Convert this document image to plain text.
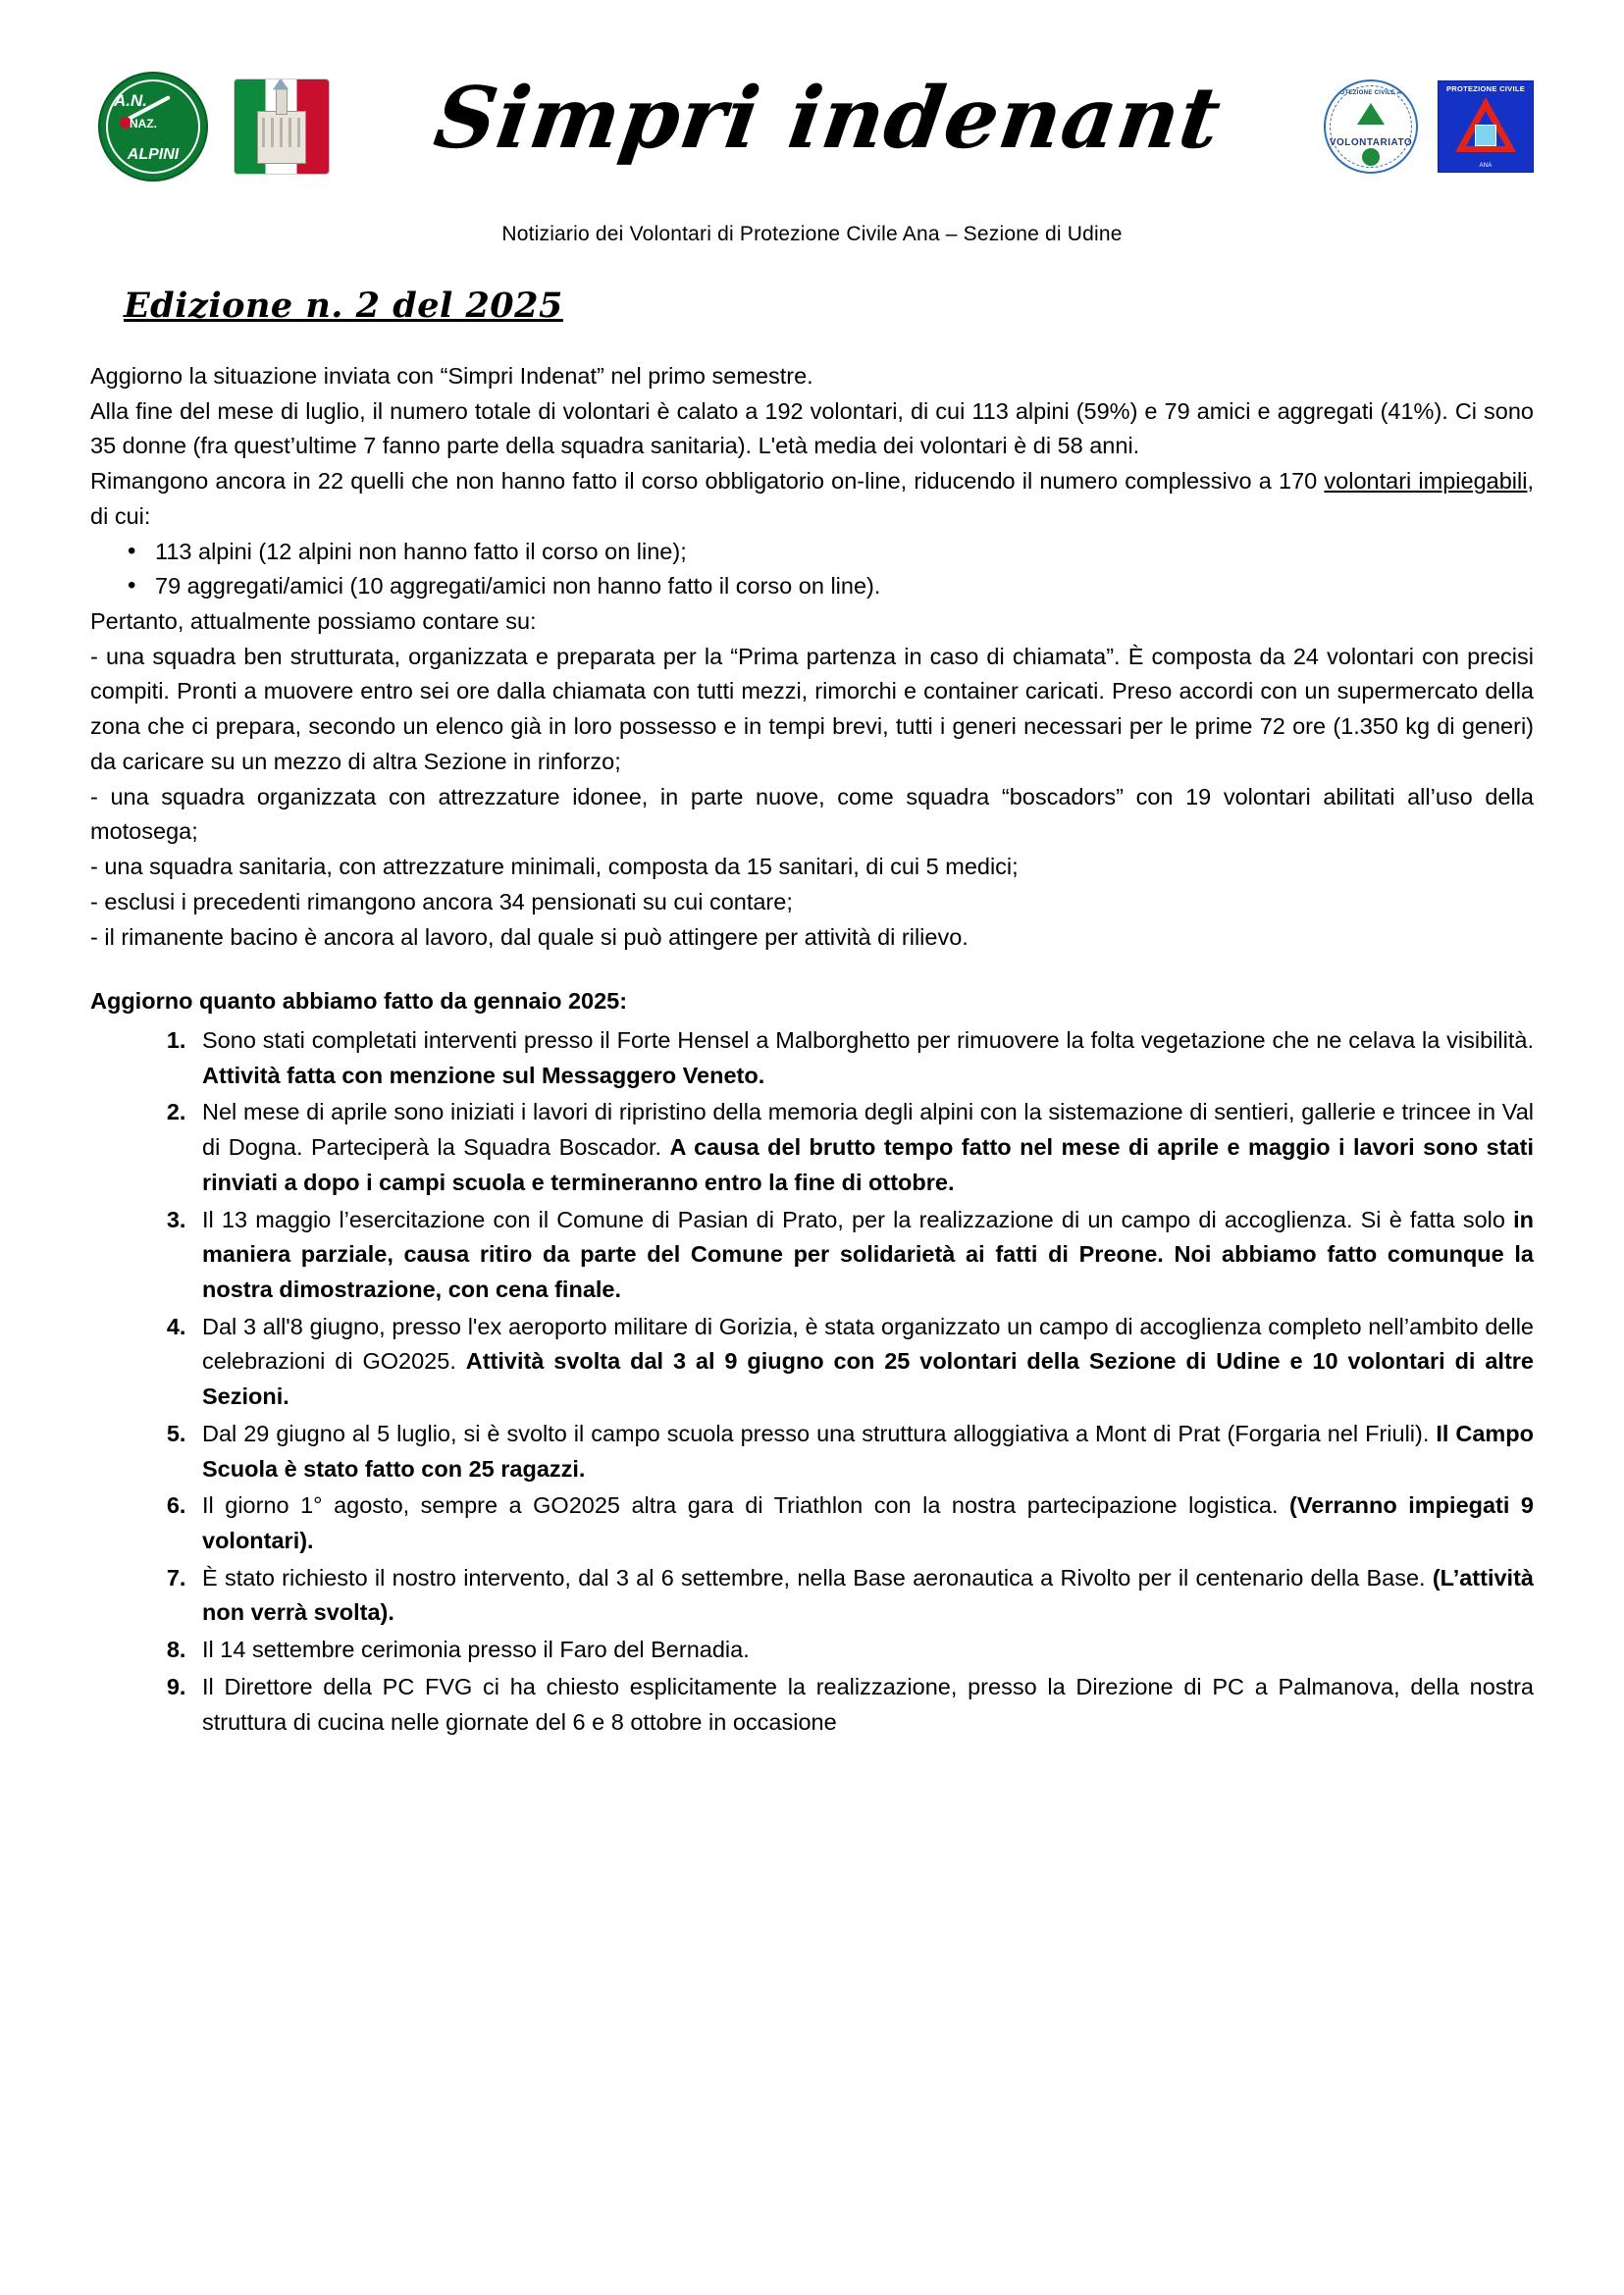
A.N.
NAZ.
ALPINI	Simpri indenant	PROTEZIONE CIVILE ANA
VOLONTARIATO
PROTEZIONE CIVILE
ANA
Notiziario dei Volontari di Protezione Civile Ana – Sezione di Udine
Edizione n. 2 del 2025

Aggiorno la situazione inviata con “Simpri Indenat” nel primo semestre.

Alla fine del mese di luglio, il numero totale di volontari è calato a 192 volontari, di cui 113 alpini (59%) e 79 amici e aggregati (41%). Ci sono 35 donne (fra quest’ultime 7 fanno parte della squadra sanitaria). L'età media dei volontari è di 58 anni.

Rimangono ancora in 22 quelli che non hanno fatto il corso obbligatorio on-line, riducendo il numero complessivo a 170 volontari impiegabili, di cui:

• 113 alpini (12 alpini non hanno fatto il corso on line);
• 79 aggregati/amici (10 aggregati/amici non hanno fatto il corso on line).

Pertanto, attualmente possiamo contare su:

- una squadra ben strutturata, organizzata e preparata per la “Prima partenza in caso di chiamata”. È composta da 24 volontari con precisi compiti. Pronti a muovere entro sei ore dalla chiamata con tutti mezzi, rimorchi e container caricati. Preso accordi con un supermercato della zona che ci prepara, secondo un elenco già in loro possesso e in tempi brevi, tutti i generi necessari per le prime 72 ore (1.350 kg di generi) da caricare su un mezzo di altra Sezione in rinforzo;

- una squadra organizzata con attrezzature idonee, in parte nuove, come squadra “boscadors” con 19 volontari abilitati all’uso della motosega;

- una squadra sanitaria, con attrezzature minimali, composta da 15 sanitari, di cui 5 medici;

- esclusi i precedenti rimangono ancora 34 pensionati su cui contare;

- il rimanente bacino è ancora al lavoro, dal quale si può attingere per attività di rilievo.

Aggiorno quanto abbiamo fatto da gennaio 2025:
1. Sono stati completati interventi presso il Forte Hensel a Malborghetto per rimuovere la folta vegetazione che ne celava la visibilità. Attività fatta con menzione sul Messaggero Veneto.
2. Nel mese di aprile sono iniziati i lavori di ripristino della memoria degli alpini con la sistemazione di sentieri, gallerie e trincee in Val di Dogna. Parteciperà la Squadra Boscador. A causa del brutto tempo fatto nel mese di aprile e maggio i lavori sono stati rinviati a dopo i campi scuola e termineranno entro la fine di ottobre.
3. Il 13 maggio l’esercitazione con il Comune di Pasian di Prato, per la realizzazione di un campo di accoglienza. Si è fatta solo in maniera parziale, causa ritiro da parte del Comune per solidarietà ai fatti di Preone. Noi abbiamo fatto comunque la nostra dimostrazione, con cena finale.
4. Dal 3 all'8 giugno, presso l'ex aeroporto militare di Gorizia, è stata organizzato un campo di accoglienza completo nell’ambito delle celebrazioni di GO2025. Attività svolta dal 3 al 9 giugno con 25 volontari della Sezione di Udine e 10 volontari di altre Sezioni.
5. Dal 29 giugno al 5 luglio, si è svolto il campo scuola presso una struttura alloggiativa a Mont di Prat (Forgaria nel Friuli). Il Campo Scuola è stato fatto con 25 ragazzi.
6. Il giorno 1° agosto, sempre a GO2025 altra gara di Triathlon con la nostra partecipazione logistica. (Verranno impiegati 9 volontari).
7. È stato richiesto il nostro intervento, dal 3 al 6 settembre, nella Base aeronautica a Rivolto per il centenario della Base. (L’attività non verrà svolta).
8. Il 14 settembre cerimonia presso il Faro del Bernadia.
9. Il Direttore della PC FVG ci ha chiesto esplicitamente la realizzazione, presso la Direzione di PC a Palmanova, della nostra struttura di cucina nelle giornate del 6 e 8 ottobre in occasione
